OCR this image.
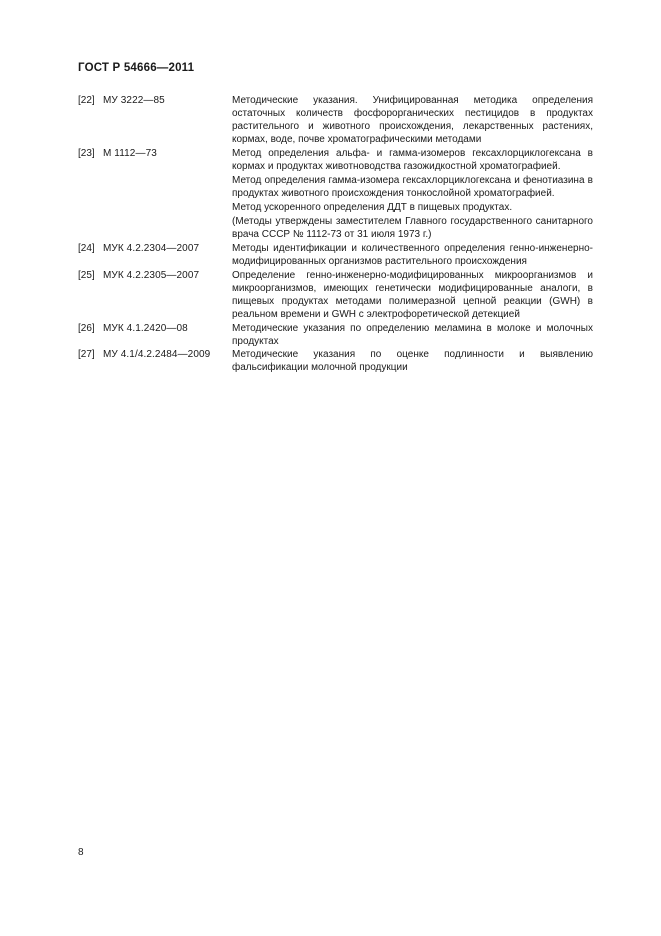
ГОСТ Р 54666—2011
[22] МУ 3222—85	Методические указания. Унифицированная методика определения остаточных количеств фосфорорганических пестицидов в продуктах растительного и животного происхождения, лекарственных растениях, кормах, воде, почве хроматографическими методами

[23] М 1112—73	Метод определения альфа- и гамма-изомеров гексахлорциклогексана в кормах и продуктах животноводства газожидкостной хроматографией.

Метод определения гамма-изомера гексахлорциклогексана и фенотиазина в продуктах животного происхождения тонкослойной хроматографией.

Метод ускоренного определения ДДТ в пищевых продуктах.

(Методы утверждены заместителем Главного государственного санитарного врача СССР № 1112-73 от 31 июля 1973 г.)

[24] МУК 4.2.2304—2007	Методы идентификации и количественного определения генно-инженерно-модифицированных организмов растительного происхождения

[25] МУК 4.2.2305—2007	Определение генно-инженерно-модифицированных микроорганизмов и микроорганизмов, имеющих генетически модифицированные аналоги, в пищевых продуктах методами полимеразной цепной реакции (GWH) в реальном времени и GWH с электрофоретической детекцией

[26] МУК 4.1.2420—08	Методические указания по определению меламина в молоке и молочных продуктах

[27] МУ 4.1/4.2.2484—2009	Методические указания по оценке подлинности и выявлению фальсификации молочной продукции

8
